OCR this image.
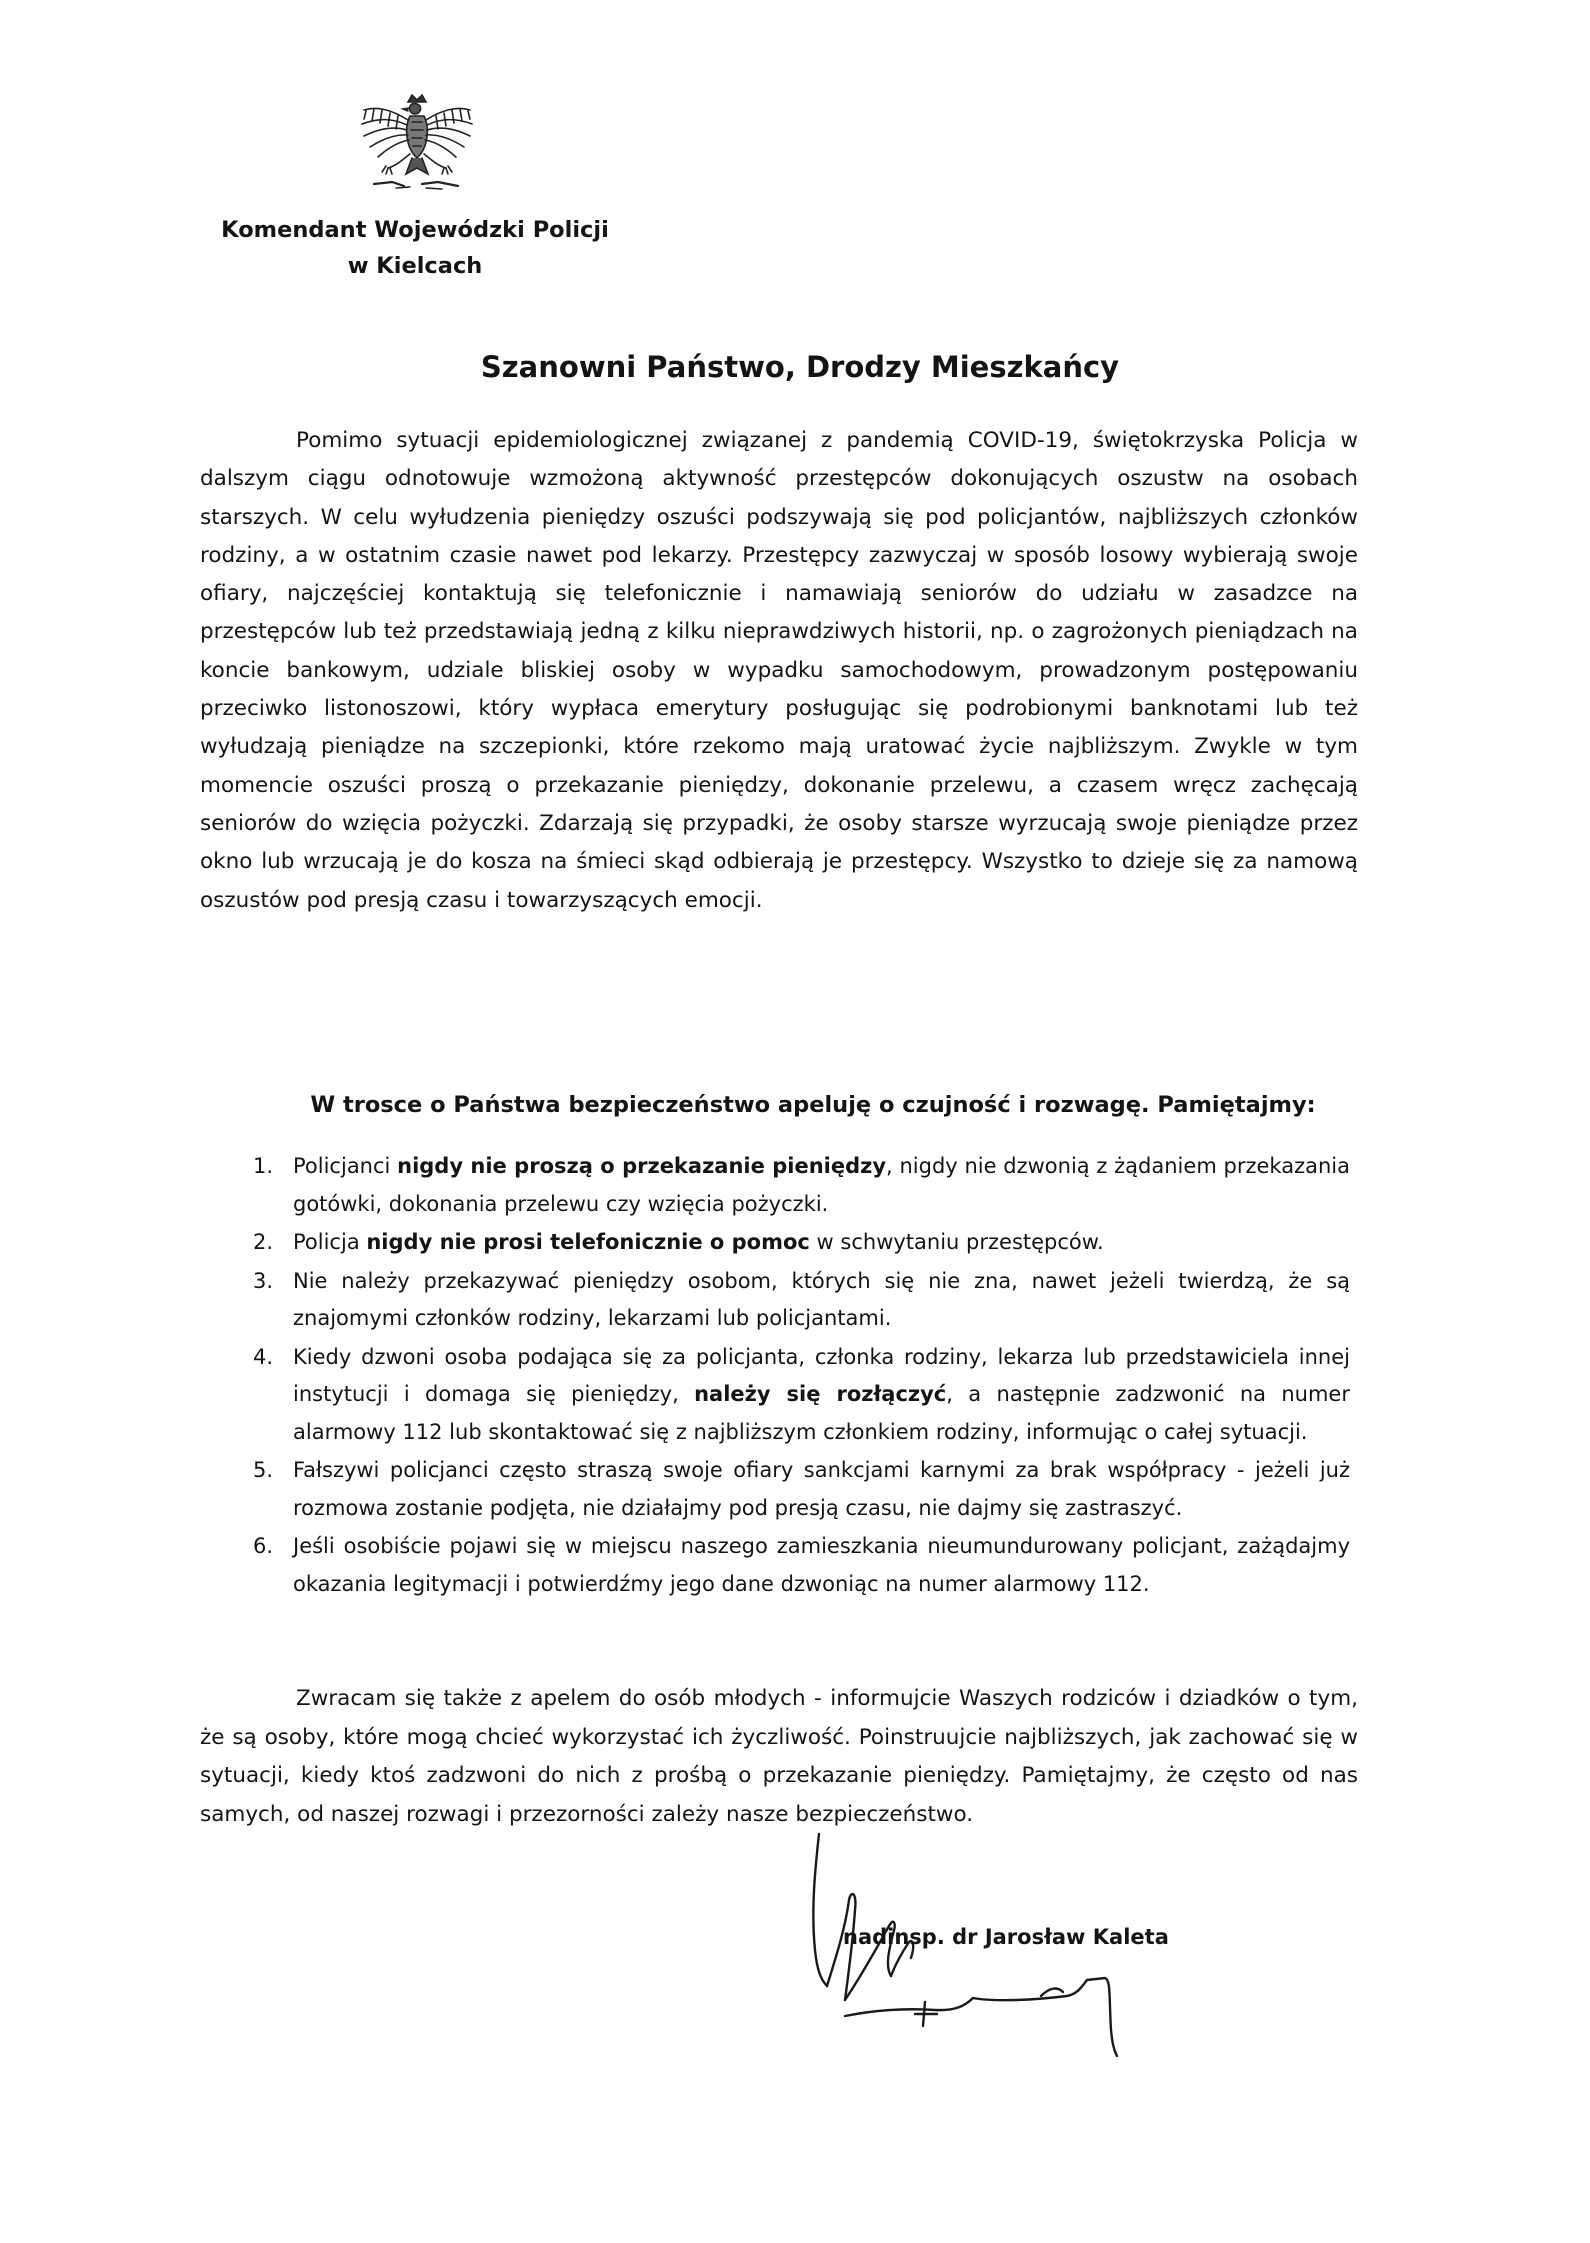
Komendant Wojewódzki Policji
w Kielcach
Szanowni Państwo, Drodzy Mieszkańcy
Pomimo sytuacji epidemiologicznej związanej z pandemią COVID-19, świętokrzyska Policja w dalszym ciągu odnotowuje wzmożoną aktywność przestępców dokonujących oszustw na osobach starszych. W celu wyłudzenia pieniędzy oszuści podszywają się pod policjantów, najbliższych członków rodziny, a w ostatnim czasie nawet pod lekarzy. Przestępcy zazwyczaj w sposób losowy wybierają swoje ofiary, najczęściej kontaktują się telefonicznie i namawiają seniorów do udziału w zasadzce na przestępców lub też przedstawiają jedną z kilku nieprawdziwych historii, np. o zagrożonych pieniądzach na koncie bankowym, udziale bliskiej osoby w wypadku samochodowym, prowadzonym postępowaniu przeciwko listonoszowi, który wypłaca emerytury posługując się podrobionymi banknotami lub też wyłudzają pieniądze na szczepionki, które rzekomo mają uratować życie najbliższym. Zwykle w tym momencie oszuści proszą o przekazanie pieniędzy, dokonanie przelewu, a czasem wręcz zachęcają seniorów do wzięcia pożyczki. Zdarzają się przypadki, że osoby starsze wyrzucają swoje pieniądze przez okno lub wrzucają je do kosza na śmieci skąd odbierają je przestępcy. Wszystko to dzieje się za namową oszustów pod presją czasu i towarzyszących emocji.
W trosce o Państwa bezpieczeństwo apeluję o czujność i rozwagę. Pamiętajmy:
1. Policjanci nigdy nie proszą o przekazanie pieniędzy, nigdy nie dzwonią z żądaniem przekazania gotówki, dokonania przelewu czy wzięcia pożyczki.
2. Policja nigdy nie prosi telefonicznie o pomoc w schwytaniu przestępców.
3. Nie należy przekazywać pieniędzy osobom, których się nie zna, nawet jeżeli twierdzą, że są znajomymi członków rodziny, lekarzami lub policjantami.
4. Kiedy dzwoni osoba podająca się za policjanta, członka rodziny, lekarza lub przedstawiciela innej instytucji i domaga się pieniędzy, należy się rozłączyć, a następnie zadzwonić na numer alarmowy 112 lub skontaktować się z najbliższym członkiem rodziny, informując o całej sytuacji.
5. Fałszywi policjanci często straszą swoje ofiary sankcjami karnymi za brak współpracy - jeżeli już rozmowa zostanie podjęta, nie działajmy pod presją czasu, nie dajmy się zastraszyć.
6. Jeśli osobiście pojawi się w miejscu naszego zamieszkania nieumundurowany policjant, zażądajmy okazania legitymacji i potwierdźmy jego dane dzwoniąc na numer alarmowy 112.
Zwracam się także z apelem do osób młodych - informujcie Waszych rodziców i dziadków o tym, że są osoby, które mogą chcieć wykorzystać ich życzliwość. Poinstruujcie najbliższych, jak zachować się w sytuacji, kiedy ktoś zadzwoni do nich z prośbą o przekazanie pieniędzy. Pamiętajmy, że często od nas samych, od naszej rozwagi i przezorności zależy nasze bezpieczeństwo.
nadinsp. dr Jarosław Kaleta
